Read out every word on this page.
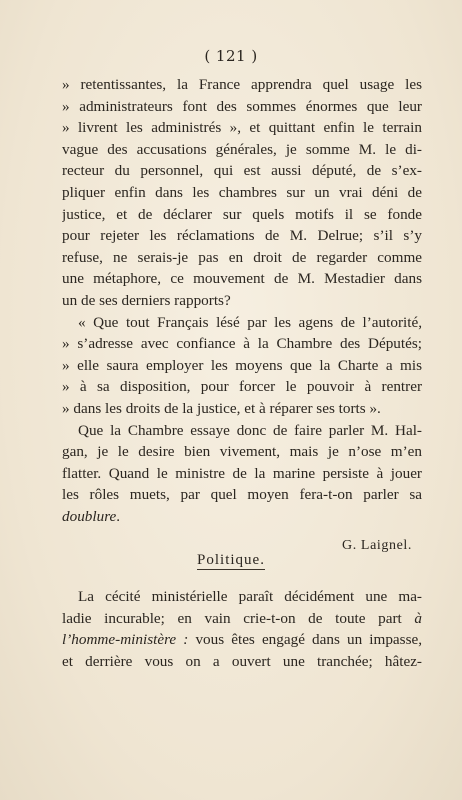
( 121 )
» retentissantes, la France apprendra quel usage les
» administrateurs font des sommes énormes que leur
» livrent les administrés », et quittant enfin le terrain
vague des accusations générales, je somme M. le di-
recteur du personnel, qui est aussi député, de s’ex-
pliquer enfin dans les chambres sur un vrai déni de
justice, et de déclarer sur quels motifs il se fonde
pour rejeter les réclamations de M. Delrue; s’il s’y
refuse, ne serais-je pas en droit de regarder comme
une métaphore, ce mouvement de M. Mestadier dans
un de ses derniers rapports?
« Que tout Français lésé par les agens de l’autorité,
» s’adresse avec confiance à la Chambre des Députés;
» elle saura employer les moyens que la Charte a mis
» à sa disposition, pour forcer le pouvoir à rentrer
» dans les droits de la justice, et à réparer ses torts ».
Que la Chambre essaye donc de faire parler M. Hal-
gan, je le desire bien vivement, mais je n’ose m’en
flatter. Quand le ministre de la marine persiste à jouer
les rôles muets, par quel moyen fera-t-on parler sa
doublure.
G. Laignel.
Politique.
La cécité ministérielle paraît décidément une ma-
ladie incurable; en vain crie-t-on de toute part à
l’homme-ministère : vous êtes engagé dans un impasse,
et derrière vous on a ouvert une tranchée; hâtez-
